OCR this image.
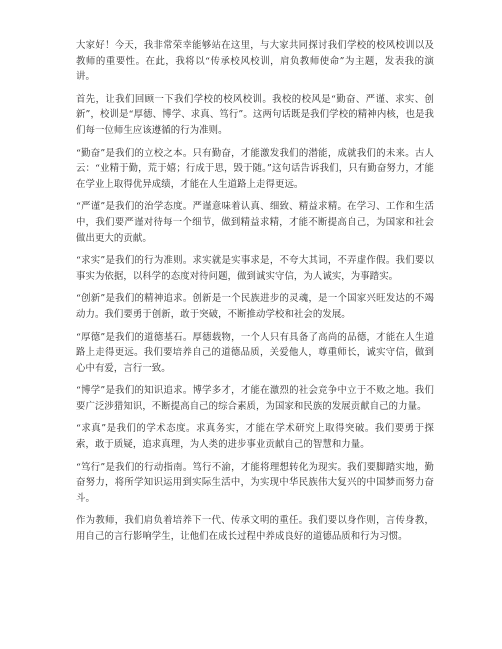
大家好！今天，我非常荣幸能够站在这里，与大家共同探讨我们学校的校风校训以及教师的重要性。在此，我将以“传承校风校训，肩负教师使命”为主题，发表我的演讲。

首先，让我们回顾一下我们学校的校风校训。我校的校风是“勤奋、严谨、求实、创新”，校训是“厚德、博学、求真、笃行”。这两句话既是我们学校的精神内核，也是我们每一位师生应该遵循的行为准则。

“勤奋”是我们的立校之本。只有勤奋，才能激发我们的潜能，成就我们的未来。古人云：“业精于勤，荒于嬉；行成于思，毁于随。”这句话告诉我们，只有勤奋努力，才能在学业上取得优异成绩，才能在人生道路上走得更远。

“严谨”是我们的治学态度。严谨意味着认真、细致、精益求精。在学习、工作和生活中，我们要严谨对待每一个细节，做到精益求精，才能不断提高自己，为国家和社会做出更大的贡献。

“求实”是我们的行为准则。求实就是实事求是，不夸大其词，不弄虚作假。我们要以事实为依据，以科学的态度对待问题，做到诚实守信，为人诚实，为事踏实。

“创新”是我们的精神追求。创新是一个民族进步的灵魂，是一个国家兴旺发达的不竭动力。我们要勇于创新，敢于突破，不断推动学校和社会的发展。

“厚德”是我们的道德基石。厚德载物，一个人只有具备了高尚的品德，才能在人生道路上走得更远。我们要培养自己的道德品质，关爱他人，尊重师长，诚实守信，做到心中有爱，言行一致。

“博学”是我们的知识追求。博学多才，才能在激烈的社会竞争中立于不败之地。我们要广泛涉猎知识，不断提高自己的综合素质，为国家和民族的发展贡献自己的力量。

“求真”是我们的学术态度。求真务实，才能在学术研究上取得突破。我们要勇于探索，敢于质疑，追求真理，为人类的进步事业贡献自己的智慧和力量。

“笃行”是我们的行动指南。笃行不渝，才能将理想转化为现实。我们要脚踏实地，勤奋努力，将所学知识运用到实际生活中，为实现中华民族伟大复兴的中国梦而努力奋斗。

作为教师，我们肩负着培养下一代、传承文明的重任。我们要以身作则，言传身教，用自己的言行影响学生，让他们在成长过程中养成良好的道德品质和行为习惯。
